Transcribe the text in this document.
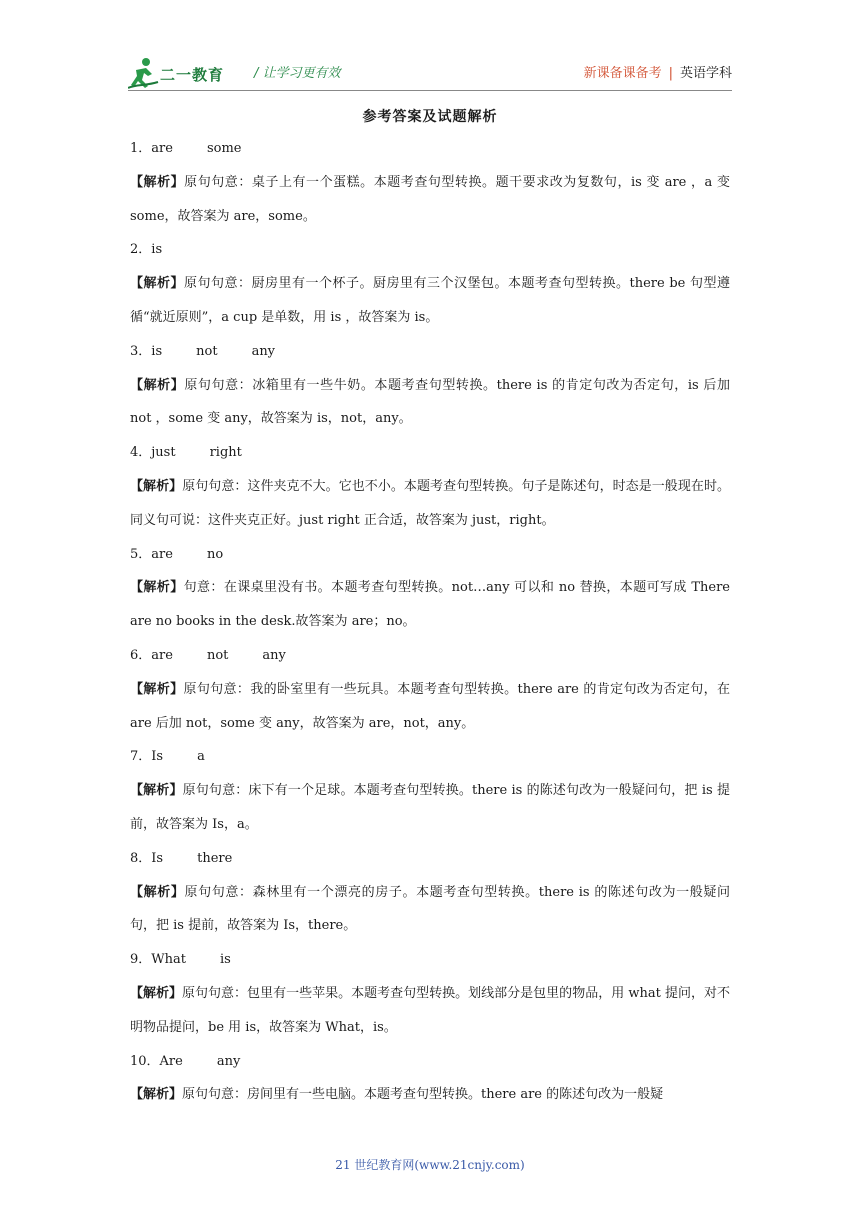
二一教育 / 让学习更有效	新课备课备考 | 英语学科
参考答案及试题解析
1．are	some
【解析】原句句意：桌子上有一个蛋糕。本题考查句型转换。题干要求改为复数句，is 变 are ，a 变 some，故答案为 are，some。
2．is
【解析】原句句意：厨房里有一个杯子。厨房里有三个汉堡包。本题考查句型转换。there be 句型遵循“就近原则”，a cup 是单数，用 is ，故答案为 is。
3．is	not	any
【解析】原句句意：冰箱里有一些牛奶。本题考查句型转换。there is 的肯定句改为否定句，is 后加 not ，some 变 any，故答案为 is，not，any。
4．just	right
【解析】原句句意：这件夹克不大。它也不小。本题考查句型转换。句子是陈述句，时态是一般现在时。同义句可说：这件夹克正好。just right 正合适，故答案为 just，right。
5．are	no
【解析】句意：在课桌里没有书。本题考查句型转换。not…any 可以和 no 替换，本题可写成 There are no books in the desk.故答案为 are；no。
6．are	not	any
【解析】原句句意：我的卧室里有一些玩具。本题考查句型转换。there are 的肯定句改为否定句，在 are 后加 not，some 变 any，故答案为 are，not，any。
7．Is	a
【解析】原句句意：床下有一个足球。本题考查句型转换。there is 的陈述句改为一般疑问句，把 is 提前，故答案为 Is，a。
8．Is	there
【解析】原句句意：森林里有一个漂亮的房子。本题考查句型转换。there is 的陈述句改为一般疑问句，把 is 提前，故答案为 Is，there。
9．What	is
【解析】原句句意：包里有一些苹果。本题考查句型转换。划线部分是包里的物品，用 what 提问，对不明物品提问，be 用 is，故答案为 What，is。
10．Are	any
【解析】原句句意：房间里有一些电脑。本题考查句型转换。there are 的陈述句改为一般疑
21 世纪教育网(www.21cnjy.com)
